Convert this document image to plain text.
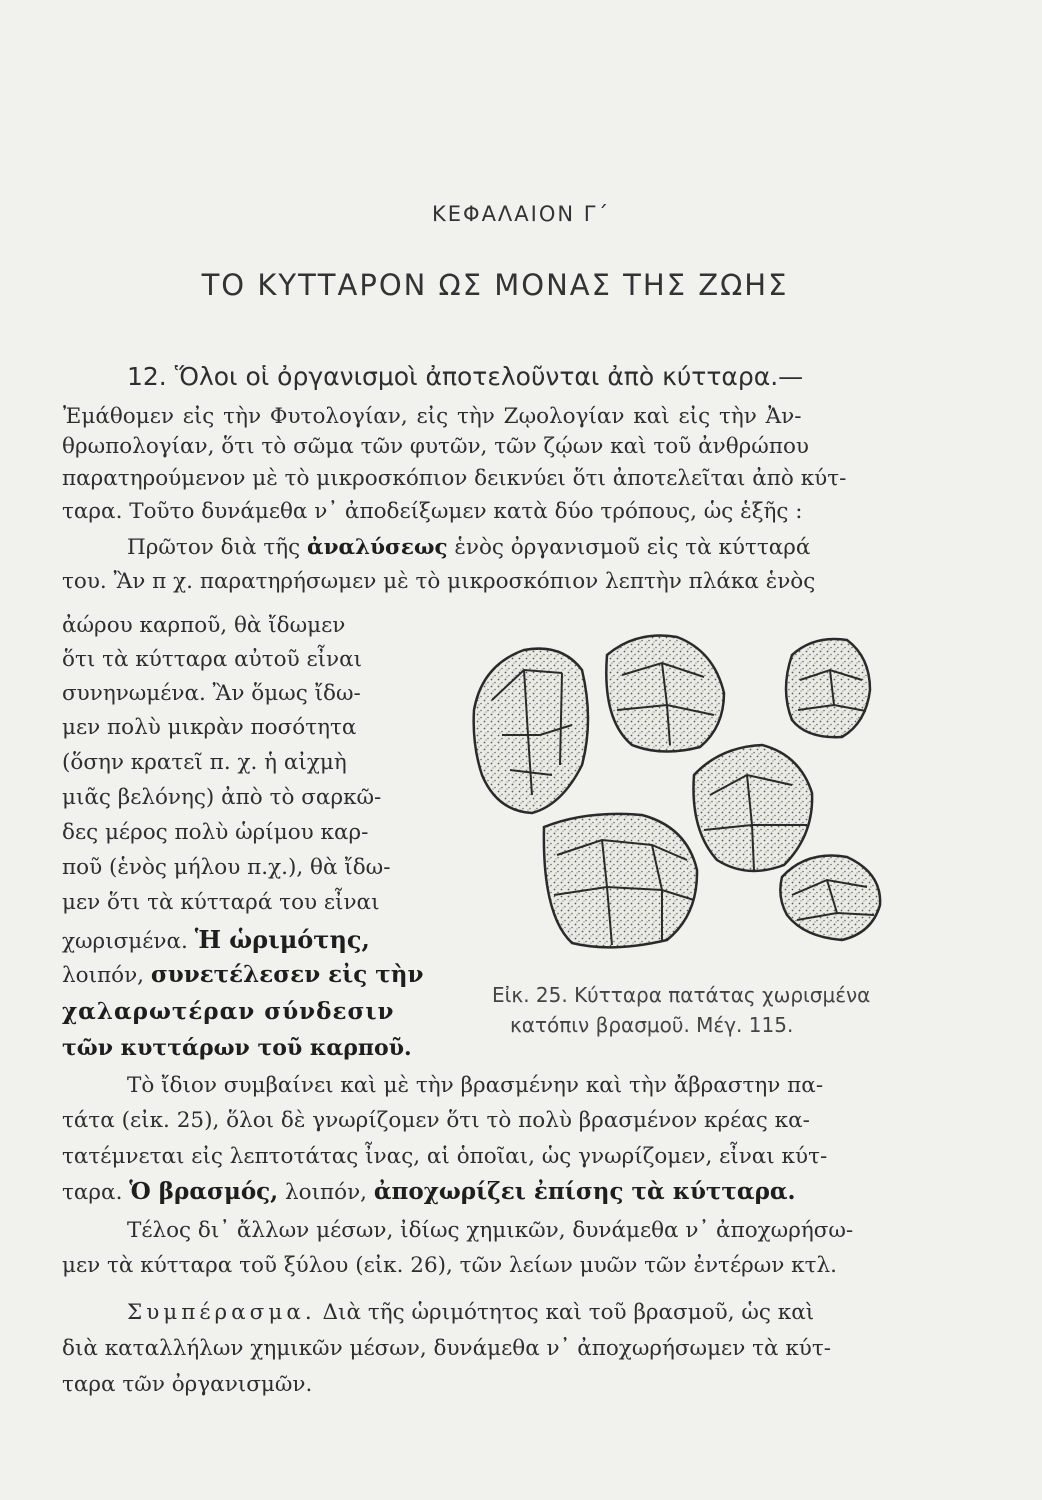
ΚΕΦΑΛΑΙΟΝ Γ΄
ΤΟ ΚΥΤΤΑΡΟΝ ΩΣ ΜΟΝΑΣ ΤΗΣ ΖΩΗΣ
12. Ὅλοι οἱ ὀργανισμοὶ ἀποτελοῦνται ἀπὸ κύτταρα.—
Ἐμάθομεν εἰς τὴν Φυτολογίαν, εἰς τὴν Ζῳολογίαν καὶ εἰς τὴν Ἀν-
θρωπολογίαν, ὅτι τὸ σῶμα τῶν φυτῶν, τῶν ζῴων καὶ τοῦ ἀνθρώπου
παρατηρούμενον μὲ τὸ μικροσκόπιον δεικνύει ὅτι ἀποτελεῖται ἀπὸ κύτ-
ταρα. Τοῦτο δυνάμεθα ν᾽ ἀποδείξωμεν κατὰ δύο τρόπους, ὡς ἑξῆς :
Πρῶτον διὰ τῆς ἀναλύσεως ἑνὸς ὀργανισμοῦ εἰς τὰ κύτταρά
του. Ἂν π χ. παρατηρήσωμεν μὲ τὸ μικροσκόπιον λεπτὴν πλάκα ἑνὸς
ἀώρου καρποῦ, θὰ ἴδωμεν
ὅτι τὰ κύτταρα αὐτοῦ εἶναι
συνηνωμένα. Ἂν ὅμως ἴδω-
μεν πολὺ μικρὰν ποσότητα
(ὅσην κρατεῖ π. χ. ἡ αἰχμὴ
μιᾶς βελόνης) ἀπὸ τὸ σαρκῶ-
δες μέρος πολὺ ὡρίμου καρ-
ποῦ (ἑνὸς μήλου π.χ.), θὰ ἴδω-
μεν ὅτι τὰ κύτταρά του εἶναι
χωρισμένα. Ἡ ὡριμότης,
λοιπόν, συνετέλεσεν εἰς τὴν
χαλαρωτέραν σύνδεσιν
τῶν κυττάρων τοῦ καρποῦ.
Εἰκ. 25. Κύτταρα πατάτας χωρισμένα
κατόπιν βρασμοῦ. Μέγ. 115.
Τὸ ἴδιον συμβαίνει καὶ μὲ τὴν βρασμένην καὶ τὴν ἄβραστην πα-
τάτα (εἰκ. 25), ὅλοι δὲ γνωρίζομεν ὅτι τὸ πολὺ βρασμένον κρέας κα-
τατέμνεται εἰς λεπτοτάτας ἶνας, αἱ ὁποῖαι, ὡς γνωρίζομεν, εἶναι κύτ-
ταρα. Ὁ βρασμός, λοιπόν, ἀποχωρίζει ἐπίσης τὰ κύτταρα.
Τέλος δι᾽ ἄλλων μέσων, ἰδίως χημικῶν, δυνάμεθα ν᾽ ἀποχωρήσω-
μεν τὰ κύτταρα τοῦ ξύλου (εἰκ. 26), τῶν λείων μυῶν τῶν ἐντέρων κτλ.
Συμπέρασμα. Διὰ τῆς ὡριμότητος καὶ τοῦ βρασμοῦ, ὡς καὶ
διὰ καταλλήλων χημικῶν μέσων, δυνάμεθα ν᾽ ἀποχωρήσωμεν τὰ κύτ-
ταρα τῶν ὀργανισμῶν.
